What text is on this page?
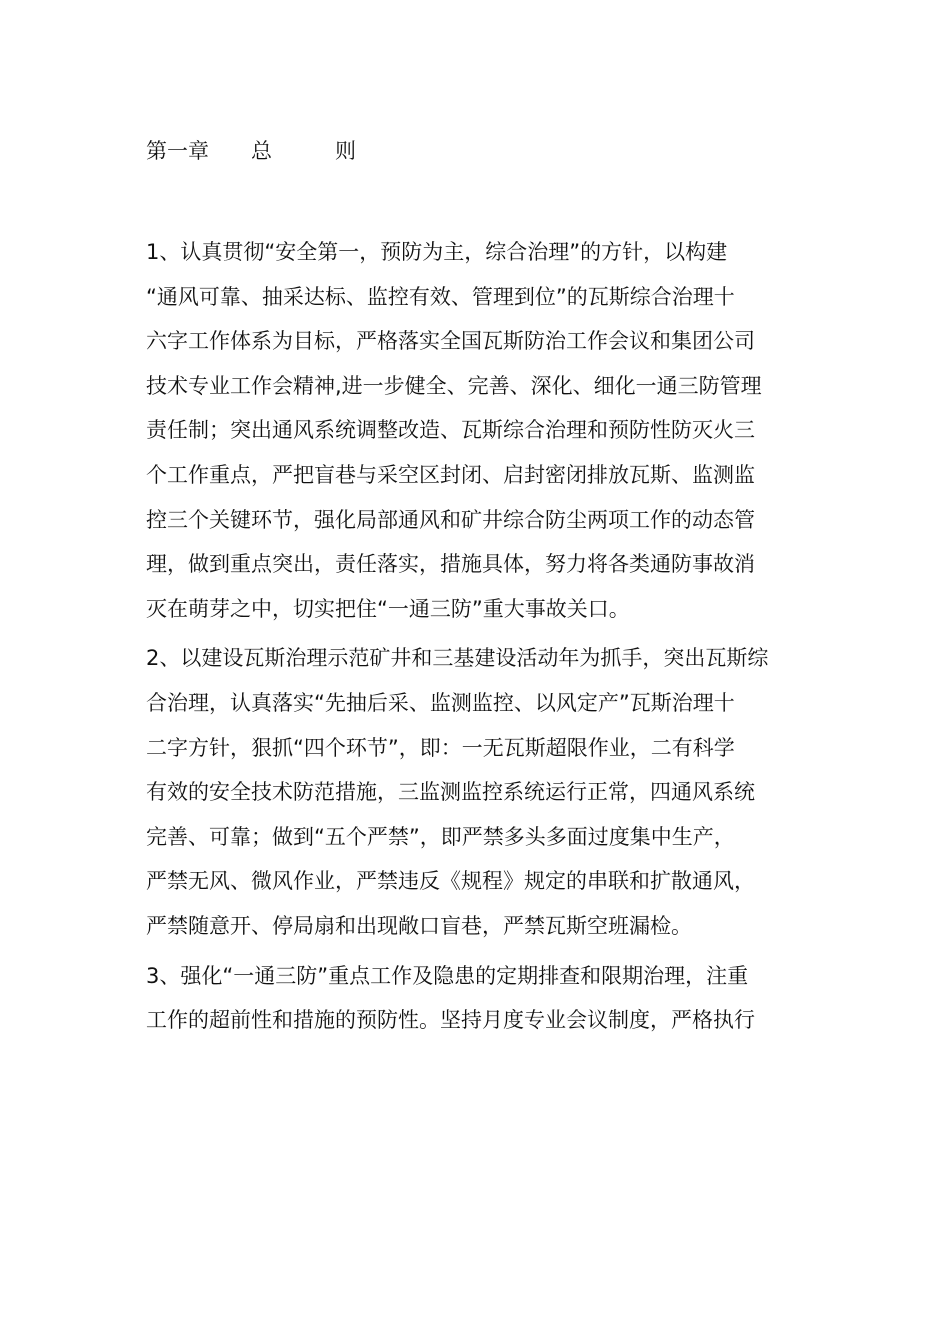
第一章　　总　　　则

1、认真贯彻“安全第一，预防为主，综合治理”的方针，以构建
“通风可靠、抽采达标、监控有效、管理到位”的瓦斯综合治理十
六字工作体系为目标，严格落实全国瓦斯防治工作会议和集团公司
技术专业工作会精神,进一步健全、完善、深化、细化一通三防管理
责任制；突出通风系统调整改造、瓦斯综合治理和预防性防灭火三
个工作重点，严把盲巷与采空区封闭、启封密闭排放瓦斯、监测监
控三个关键环节，强化局部通风和矿井综合防尘两项工作的动态管
理，做到重点突出，责任落实，措施具体，努力将各类通防事故消
灭在萌芽之中，切实把住“一通三防”重大事故关口。

2、以建设瓦斯治理示范矿井和三基建设活动年为抓手，突出瓦斯综
合治理，认真落实“先抽后采、监测监控、以风定产”瓦斯治理十
二字方针，狠抓“四个环节”，即：一无瓦斯超限作业，二有科学
有效的安全技术防范措施，三监测监控系统运行正常，四通风系统
完善、可靠；做到“五个严禁”，即严禁多头多面过度集中生产，
严禁无风、微风作业，严禁违反《规程》规定的串联和扩散通风，
严禁随意开、停局扇和出现敞口盲巷，严禁瓦斯空班漏检。

3、强化“一通三防”重点工作及隐患的定期排查和限期治理，注重
工作的超前性和措施的预防性。坚持月度专业会议制度，严格执行
